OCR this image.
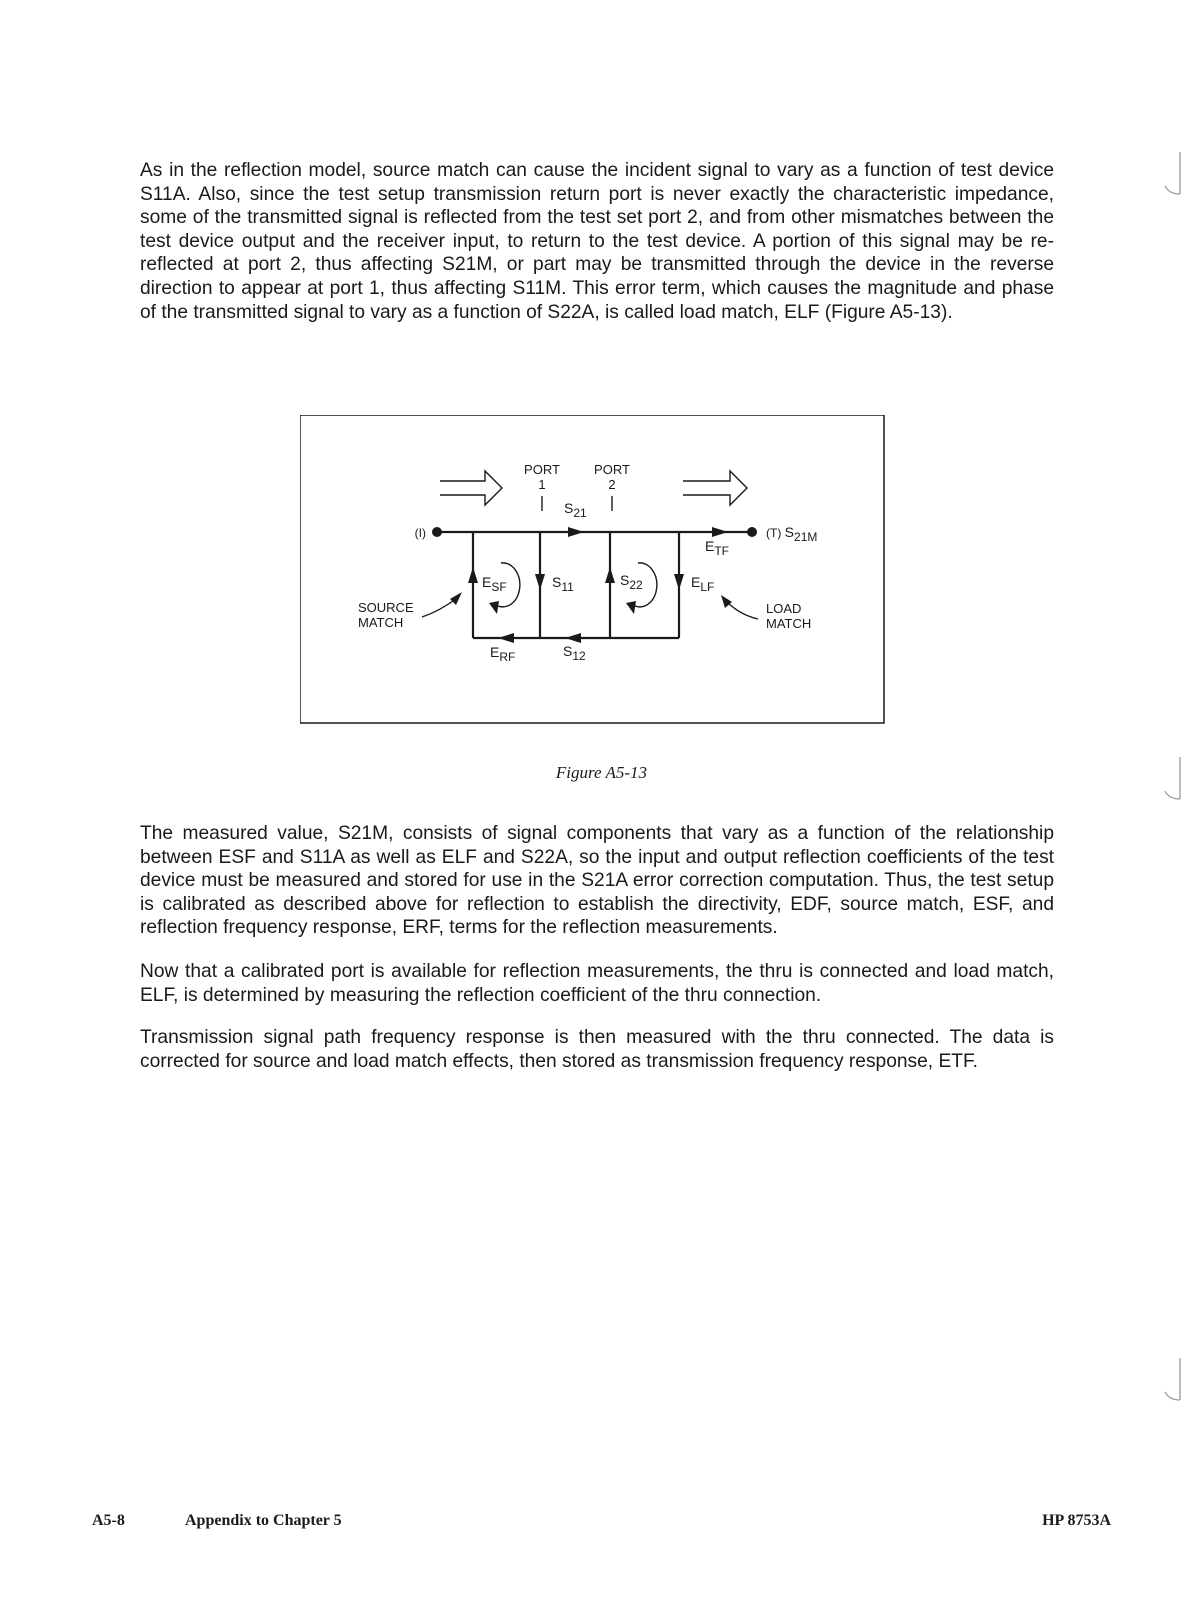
As in the reflection model, source match can cause the incident signal to vary as a function of test device S11A. Also, since the test setup transmission return port is never exactly the characteristic impedance, some of the transmitted signal is reflected from the test set port 2, and from other mismatches between the test device output and the receiver input, to return to the test device. A portion of this signal may be re-reflected at port 2, thus affecting S21M, or part may be transmitted through the device in the reverse direction to appear at port 1, thus affecting S11M. This error term, which causes the magnitude and phase of the transmitted signal to vary as a function of S22A, is called load match, ELF (Figure A5-13).

PORT
1
PORT
2
S21
S11	S22
S12
ESF
ERF
ETF
ELF
(I)	(T) S21M
SOURCE MATCH
LOAD MATCH
Figure A5-13

The measured value, S21M, consists of signal components that vary as a function of the relationship between ESF and S11A as well as ELF and S22A, so the input and output reflection coefficients of the test device must be measured and stored for use in the S21A error correction computation. Thus, the test setup is calibrated as described above for reflection to establish the directivity, EDF, source match, ESF, and reflection frequency response, ERF, terms for the reflection measurements.

Now that a calibrated port is available for reflection measurements, the thru is connected and load match, ELF, is determined by measuring the reflection coefficient of the thru connection.

Transmission signal path frequency response is then measured with the thru connected. The data is corrected for source and load match effects, then stored as transmission frequency response, ETF.

A5-8	Appendix to Chapter 5	HP 8753A
